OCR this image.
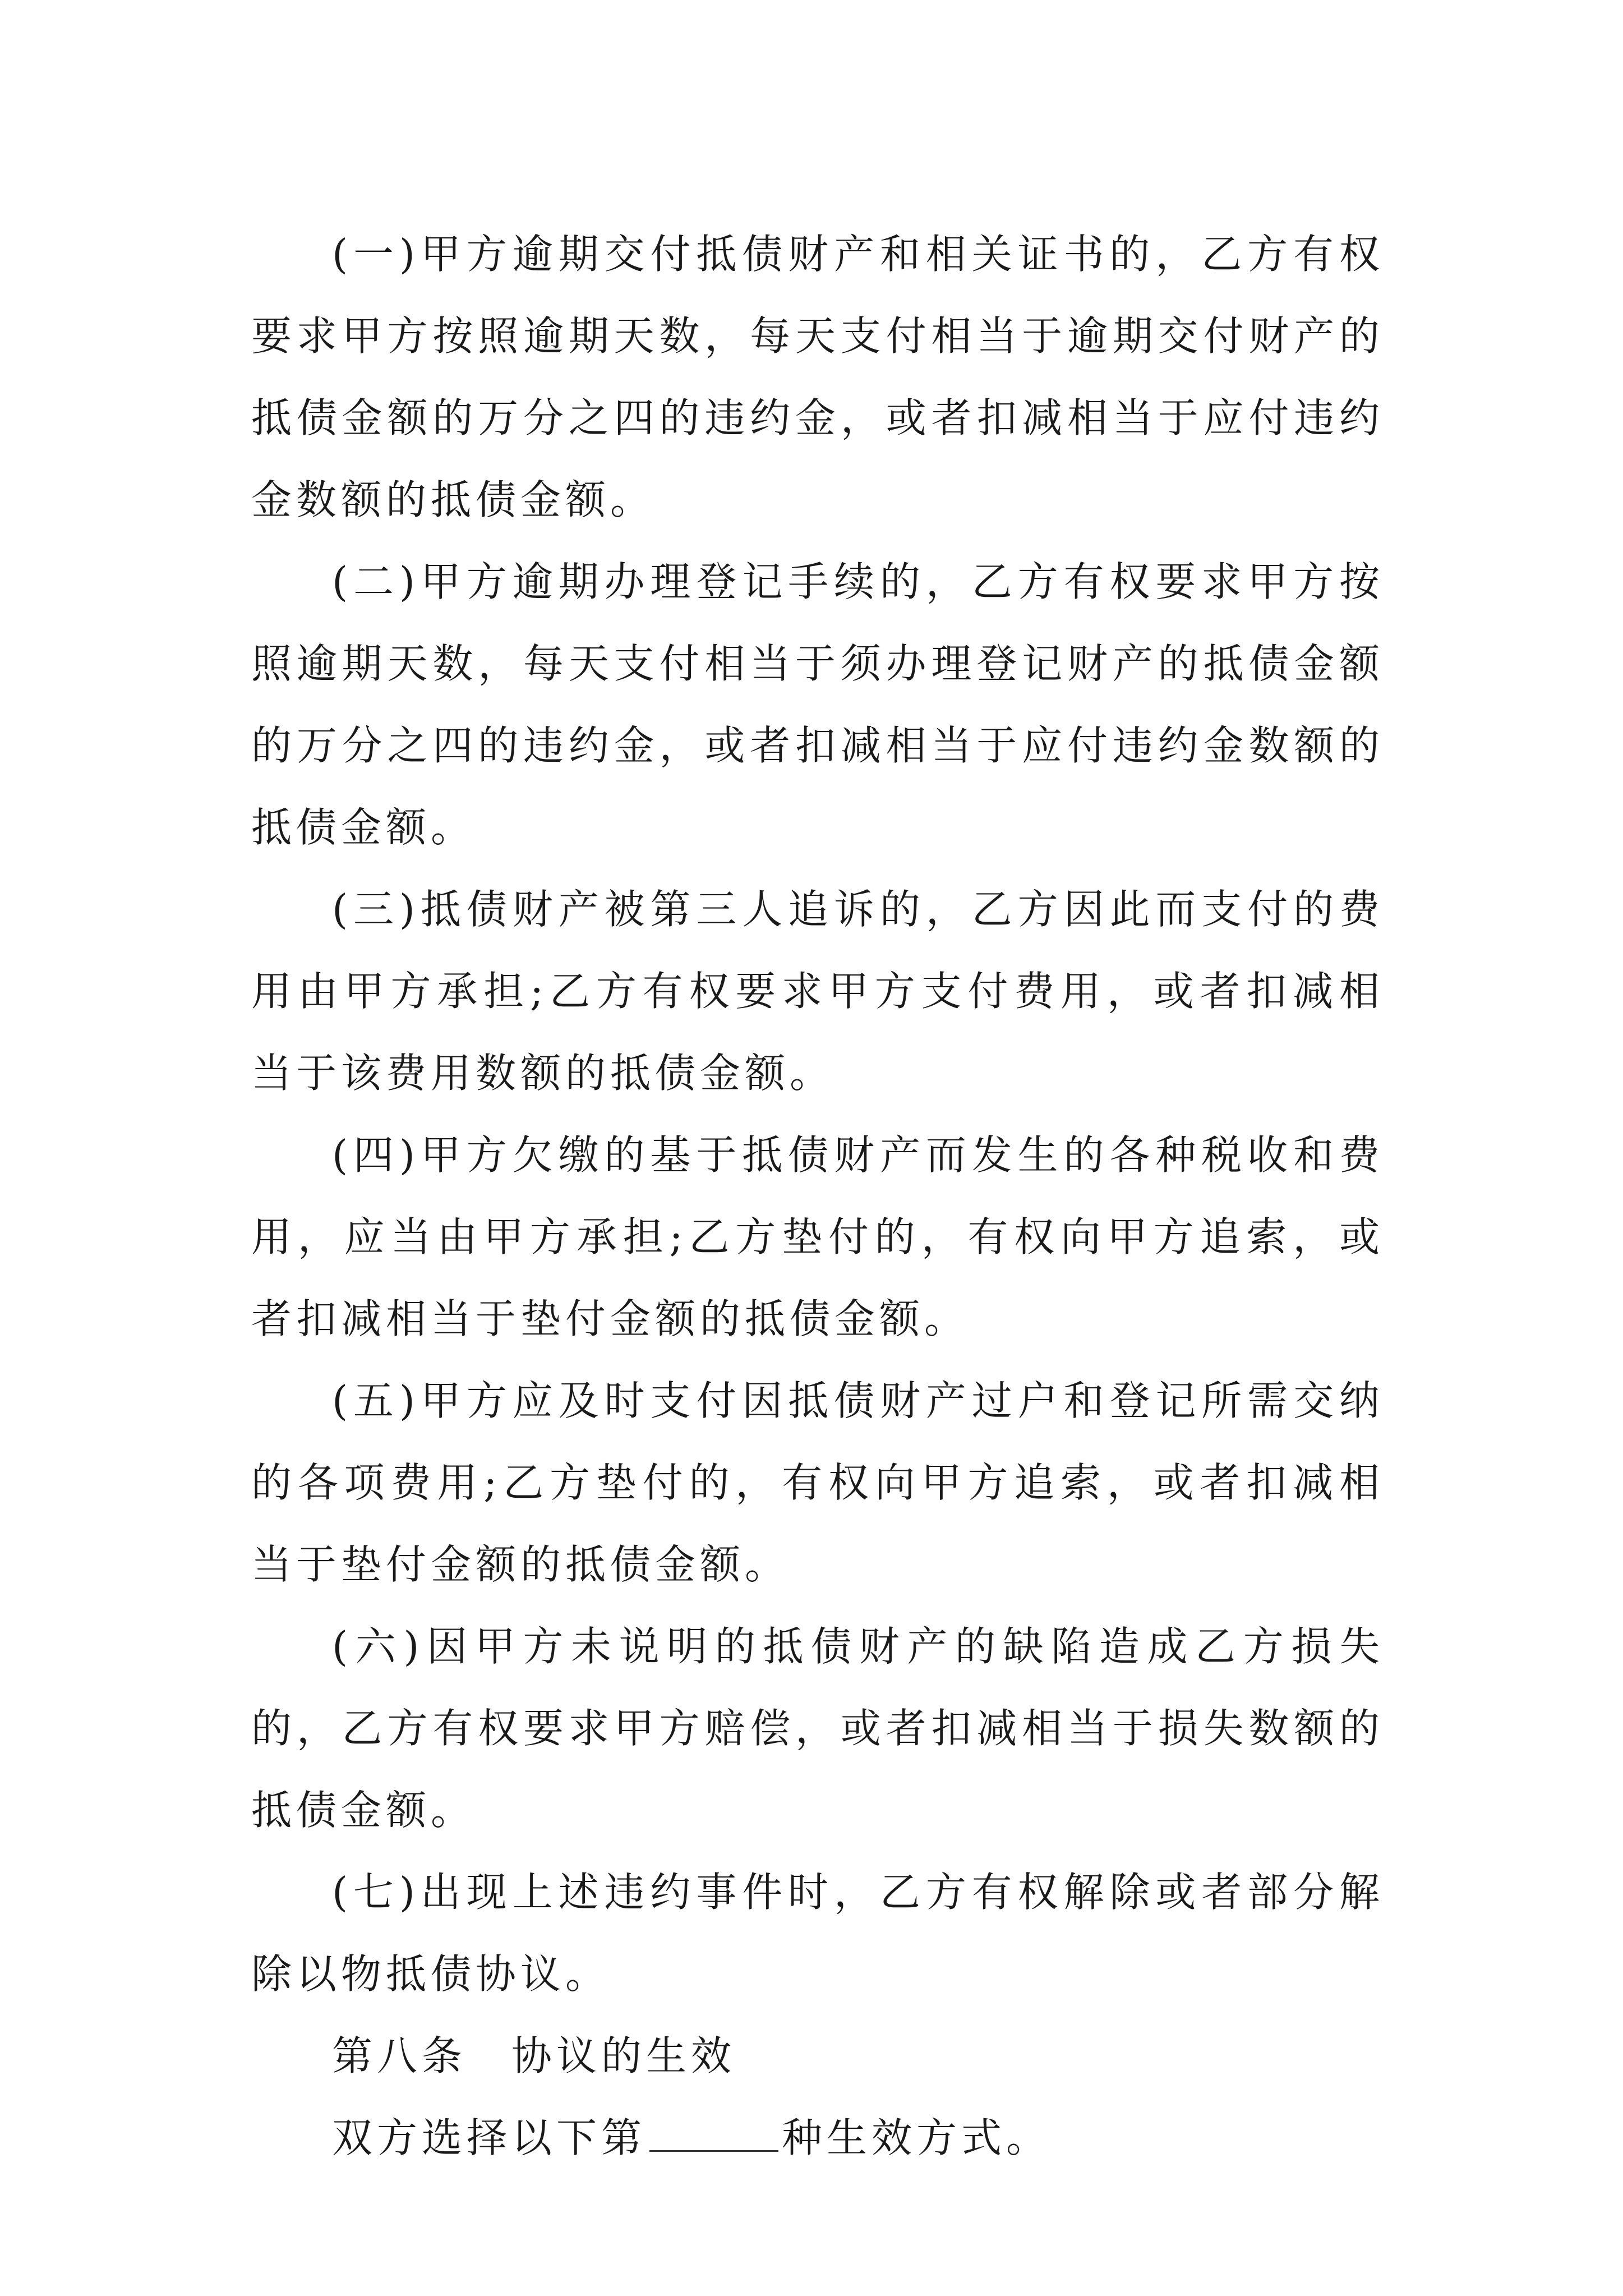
(一)甲方逾期交付抵债财产和相关证书的，乙方有权要求甲方按照逾期天数，每天支付相当于逾期交付财产的抵债金额的万分之四的违约金，或者扣减相当于应付违约金数额的抵债金额。

(二)甲方逾期办理登记手续的，乙方有权要求甲方按照逾期天数，每天支付相当于须办理登记财产的抵债金额的万分之四的违约金，或者扣减相当于应付违约金数额的抵债金额。

(三)抵债财产被第三人追诉的，乙方因此而支付的费用由甲方承担;乙方有权要求甲方支付费用，或者扣减相当于该费用数额的抵债金额。

(四)甲方欠缴的基于抵债财产而发生的各种税收和费用，应当由甲方承担;乙方垫付的，有权向甲方追索，或者扣减相当于垫付金额的抵债金额。

(五)甲方应及时支付因抵债财产过户和登记所需交纳的各项费用;乙方垫付的，有权向甲方追索，或者扣减相当于垫付金额的抵债金额。

(六)因甲方未说明的抵债财产的缺陷造成乙方损失的，乙方有权要求甲方赔偿，或者扣减相当于损失数额的抵债金额。

(七)出现上述违约事件时，乙方有权解除或者部分解除以物抵债协议。

第八条　协议的生效

双方选择以下第	种生效方式。
